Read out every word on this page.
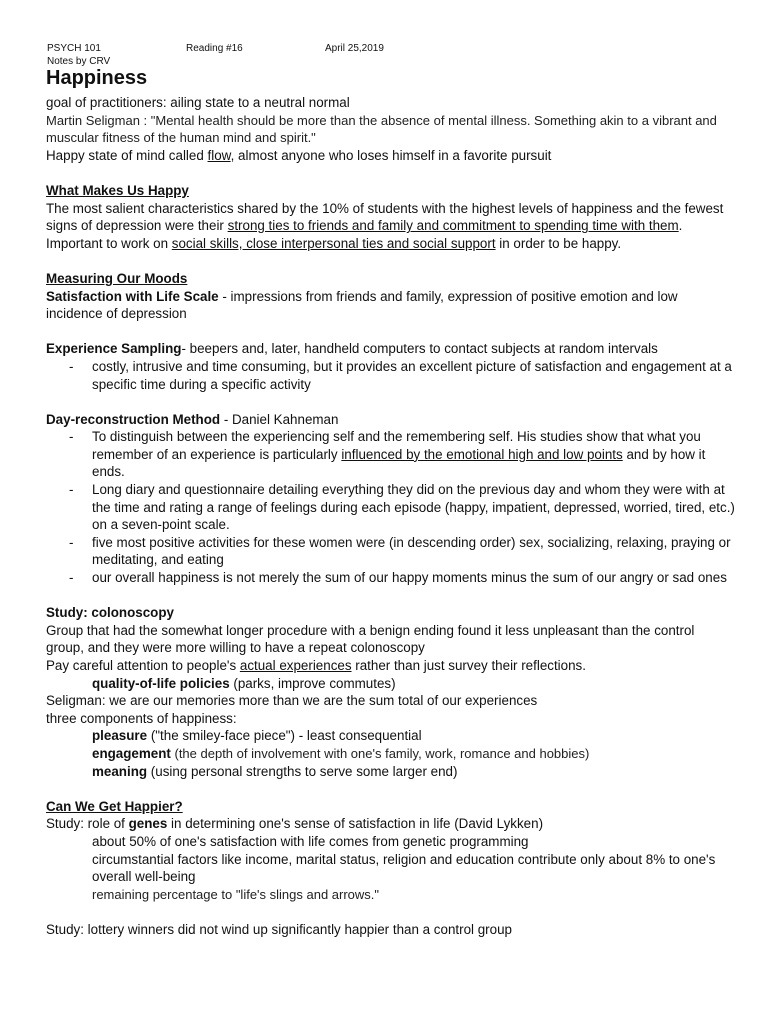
PSYCH 101	Reading #16	April 25,2019
Notes by CRV
Happiness

goal of practitioners: ailing state to a neutral normal

Martin Seligman : "Mental health should be more than the absence of mental illness. Something akin to a vibrant and muscular fitness of the human mind and spirit."

Happy state of mind called flow, almost anyone who loses himself in a favorite pursuit

What Makes Us Happy

The most salient characteristics shared by the 10% of students with the highest levels of happiness and the fewest signs of depression were their strong ties to friends and family and commitment to spending time with them.

Important to work on social skills, close interpersonal ties and social support in order to be happy.

Measuring Our Moods

Satisfaction with Life Scale - impressions from friends and family, expression of positive emotion and low incidence of depression

Experience Sampling- beepers and, later, handheld computers to contact subjects at random intervals

- costly, intrusive and time consuming, but it provides an excellent picture of satisfaction and engagement at a specific time during a specific activity

Day-reconstruction Method - Daniel Kahneman

- To distinguish between the experiencing self and the remembering self. His studies show that what you remember of an experience is particularly influenced by the emotional high and low points and by how it ends.
- Long diary and questionnaire detailing everything they did on the previous day and whom they were with at the time and rating a range of feelings during each episode (happy, impatient, depressed, worried, tired, etc.) on a seven-point scale.
- five most positive activities for these women were (in descending order) sex, socializing, relaxing, praying or meditating, and eating
- our overall happiness is not merely the sum of our happy moments minus the sum of our angry or sad ones

Study: colonoscopy

Group that had the somewhat longer procedure with a benign ending found it less unpleasant than the control group, and they were more willing to have a repeat colonoscopy

Pay careful attention to people's actual experiences rather than just survey their reflections.

quality-of-life policies (parks, improve commutes)

Seligman: we are our memories more than we are the sum total of our experiences

three components of happiness:

pleasure ("the smiley-face piece") - least consequential

engagement (the depth of involvement with one's family, work, romance and hobbies)

meaning (using personal strengths to serve some larger end)

Can We Get Happier?

Study: role of genes in determining one's sense of satisfaction in life (David Lykken)

about 50% of one's satisfaction with life comes from genetic programming

circumstantial factors like income, marital status, religion and education contribute only about 8% to one's overall well-being

remaining percentage to "life's slings and arrows."

Study: lottery winners did not wind up significantly happier than a control group
